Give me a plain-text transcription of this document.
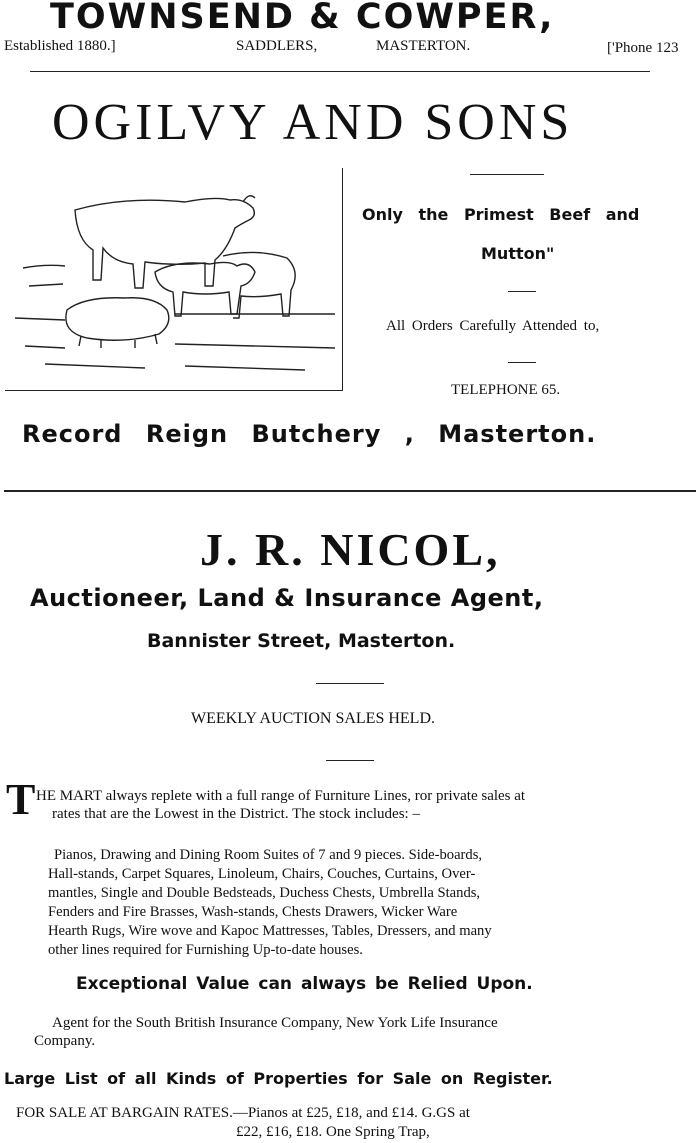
TOWNSEND & COWPER,
Established 1880.]	SADDLERS,	MASTERTON.	['Phone 123
OGILVY AND SONS
Only the Primest Beef and
Mutton"
All Orders Carefully Attended to,
TELEPHONE 65.
Record Reign Butchery , Masterton.
J. R. NICOL,
Auctioneer, Land & Insurance Agent,
Bannister Street, Masterton.
WEEKLY AUCTION SALES HELD.
T HE MART always replete with a full range of Furniture Lines, ror private sales at
rates that are the Lowest in the District. The stock includes: –
Pianos, Drawing and Dining Room Suites of 7 and 9 pieces. Side-boards,
Hall-stands, Carpet Squares, Linoleum, Chairs, Couches, Curtains, Over-
mantles, Single and Double Bedsteads, Duchess Chests, Umbrella Stands,
Fenders and Fire Brasses, Wash-stands, Chests Drawers, Wicker Ware
Hearth Rugs, Wire wove and Kapoc Mattresses, Tables, Dressers, and many
other lines required for Furnishing Up-to-date houses.
Exceptional Value can always be Relied Upon.
Agent for the South British Insurance Company, New York Life Insurance
Company.
Large List of all Kinds of Properties for Sale on Register.
FOR SALE AT BARGAIN RATES.—Pianos at £25, £18, and £14. G.GS at
£22, £16, £18. One Spring Trap,
